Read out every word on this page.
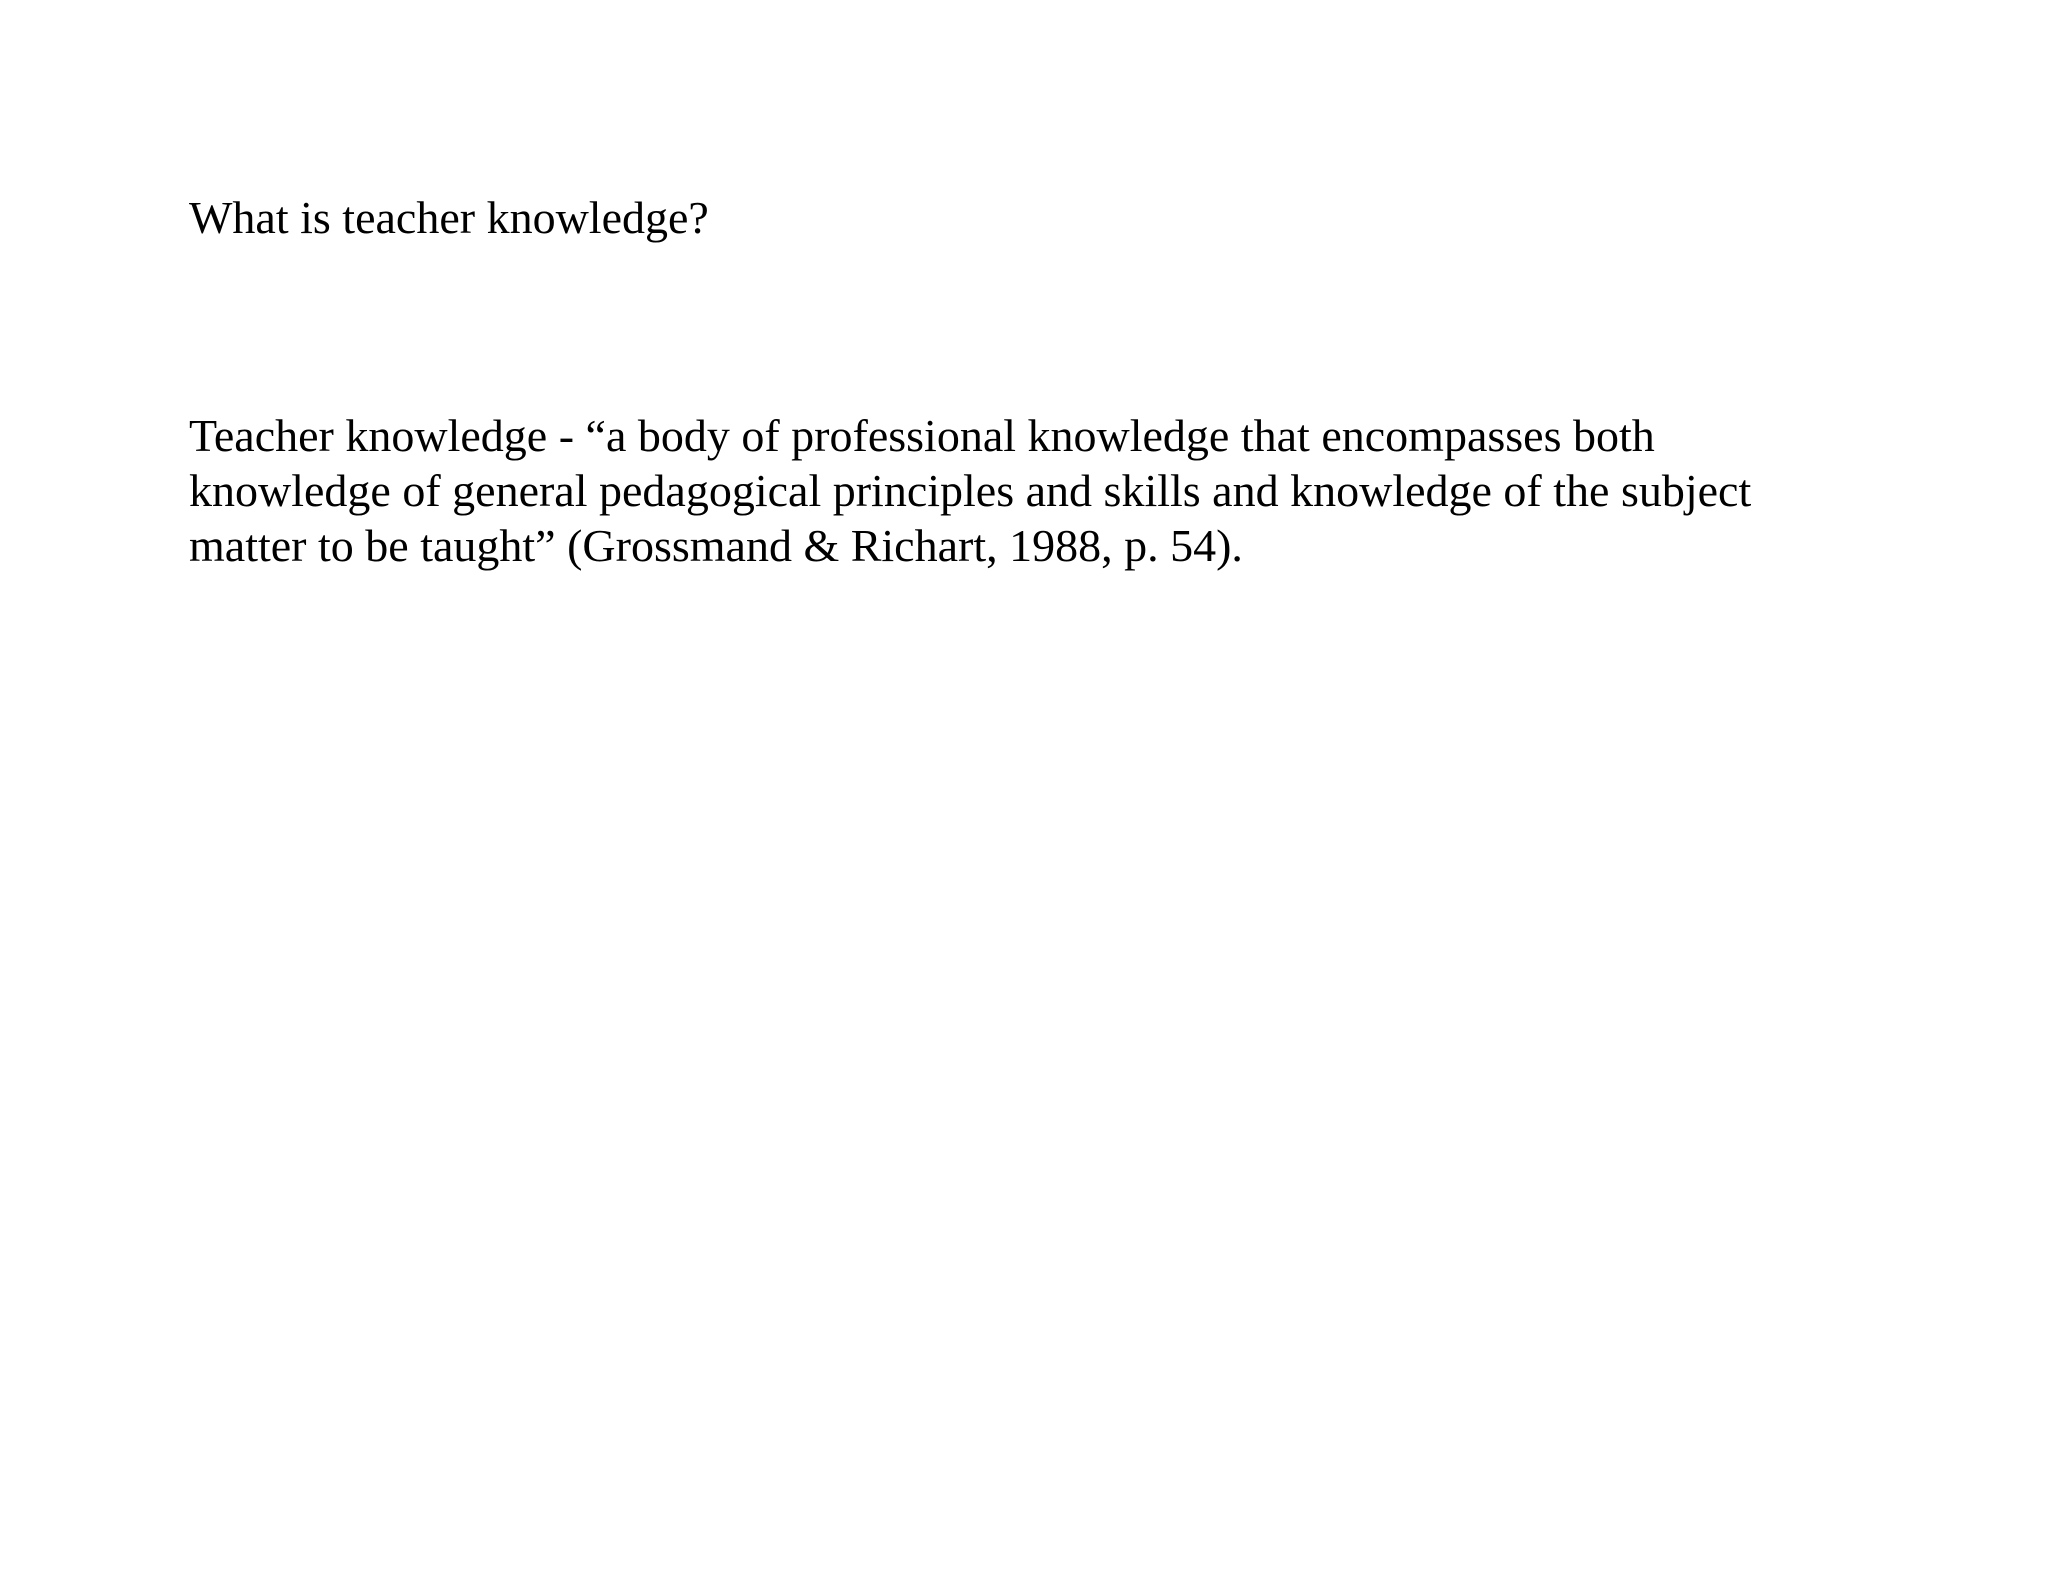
What is teacher knowledge?

Teacher knowledge - “a body of professional knowledge that encompasses both
knowledge of general pedagogical principles and skills and knowledge of the subject
matter to be taught” (Grossmand & Richart, 1988, p. 54).
